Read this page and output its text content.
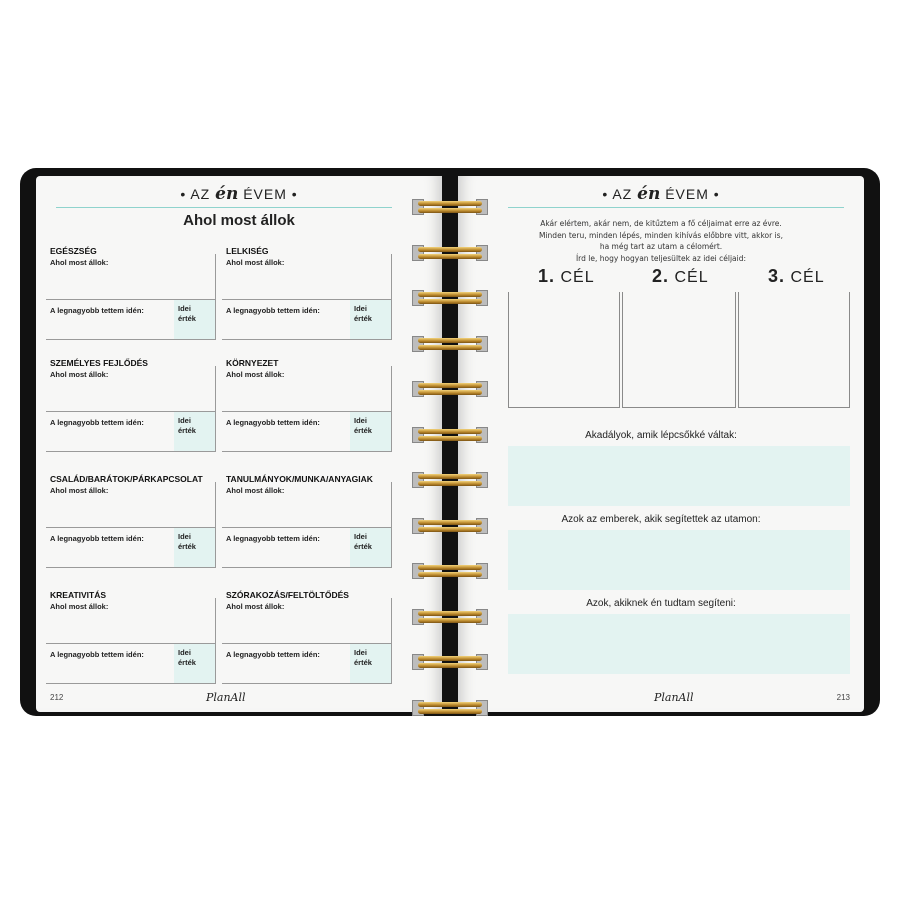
• AZ én ÉVEM •
Ahol most állok
EGÉSZSÉG
Ahol most állok:
A legnagyobb tettem idén:	Idei
érték
LELKISÉG
Ahol most állok:
A legnagyobb tettem idén:	Idei
érték
SZEMÉLYES FEJLŐDÉS
Ahol most állok:
A legnagyobb tettem idén:	Idei
érték
KÖRNYEZET
Ahol most állok:
A legnagyobb tettem idén:	Idei
érték
CSALÁD/BARÁTOK/PÁRKAPCSOLAT
Ahol most állok:
A legnagyobb tettem idén:	Idei
érték
TANULMÁNYOK/MUNKA/ANYAGIAK
Ahol most állok:
A legnagyobb tettem idén:	Idei
érték
KREATIVITÁS
Ahol most állok:
A legnagyobb tettem idén:	Idei
érték
SZÓRAKOZÁS/FELTÖLTŐDÉS
Ahol most állok:
A legnagyobb tettem idén:	Idei
érték
212	PlanAll
• AZ én ÉVEM •
Akár elértem, akár nem, de kitűztem a fő céljaimat erre az évre.
Minden teru, minden lépés, minden kihívás előbbre vitt, akkor is,
ha még tart az utam a célomért.
Írd le, hogy hogyan teljesültek az idei céljaid:
1. CÉL	2. CÉL	3. CÉL
Akadályok, amik lépcsőkké váltak:
Azok az emberek, akik segítettek az utamon:
Azok, akiknek én tudtam segíteni:
PlanAll	213
